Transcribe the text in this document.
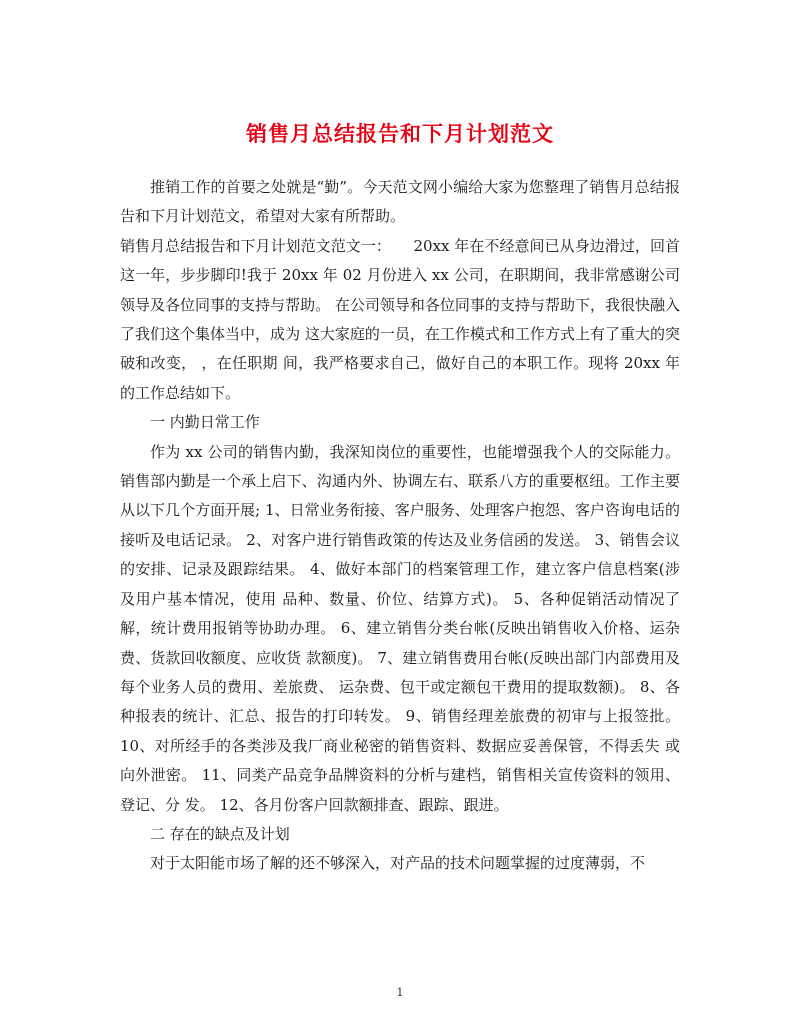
销售月总结报告和下月计划范文

推销工作的首要之处就是“勤”。今天范文网小编给大家为您整理了销售月总结报告和下月计划范文，希望对大家有所帮助。

销售月总结报告和下月计划范文范文一：　　20xx 年在不经意间已从身边滑过，回首这一年，步步脚印!我于 20xx 年 02 月份进入 xx 公司，在职期间，我非常感谢公司领导及各位同事的支持与帮助。 在公司领导和各位同事的支持与帮助下，我很快融入了我们这个集体当中，成为 这大家庭的一员，在工作模式和工作方式上有了重大的突破和改变， ，在任职期 间，我严格要求自己，做好自己的本职工作。现将 20xx 年的工作总结如下。

一 内勤日常工作

作为 xx 公司的销售内勤，我深知岗位的重要性，也能增强我个人的交际能力。销售部内勤是一个承上启下、沟通内外、协调左右、联系八方的重要枢纽。工作主要从以下几个方面开展; 1、日常业务衔接、客户服务、处理客户抱怨、客户咨询电话的接听及电话记录。 2、对客户进行销售政策的传达及业务信函的发送。 3、销售会议的安排、记录及跟踪结果。 4、做好本部门的档案管理工作，建立客户信息档案(涉及用户基本情况，使用 品种、数量、价位、结算方式)。 5、各种促销活动情况了解，统计费用报销等协助办理。 6、建立销售分类台帐(反映出销售收入价格、运杂费、货款回收额度、应收货 款额度)。 7、建立销售费用台帐(反映出部门内部费用及每个业务人员的费用、差旅费、 运杂费、包干或定额包干费用的提取数额)。 8、各种报表的统计、汇总、报告的打印转发。 9、销售经理差旅费的初审与上报签批。 10、对所经手的各类涉及我厂商业秘密的销售资料、数据应妥善保管，不得丢失 或向外泄密。 11、同类产品竞争品牌资料的分析与建档，销售相关宣传资料的领用、登记、分 发。 12、各月份客户回款额排查、跟踪、跟进。

二 存在的缺点及计划

对于太阳能市场了解的还不够深入，对产品的技术问题掌握的过度薄弱，不

1
